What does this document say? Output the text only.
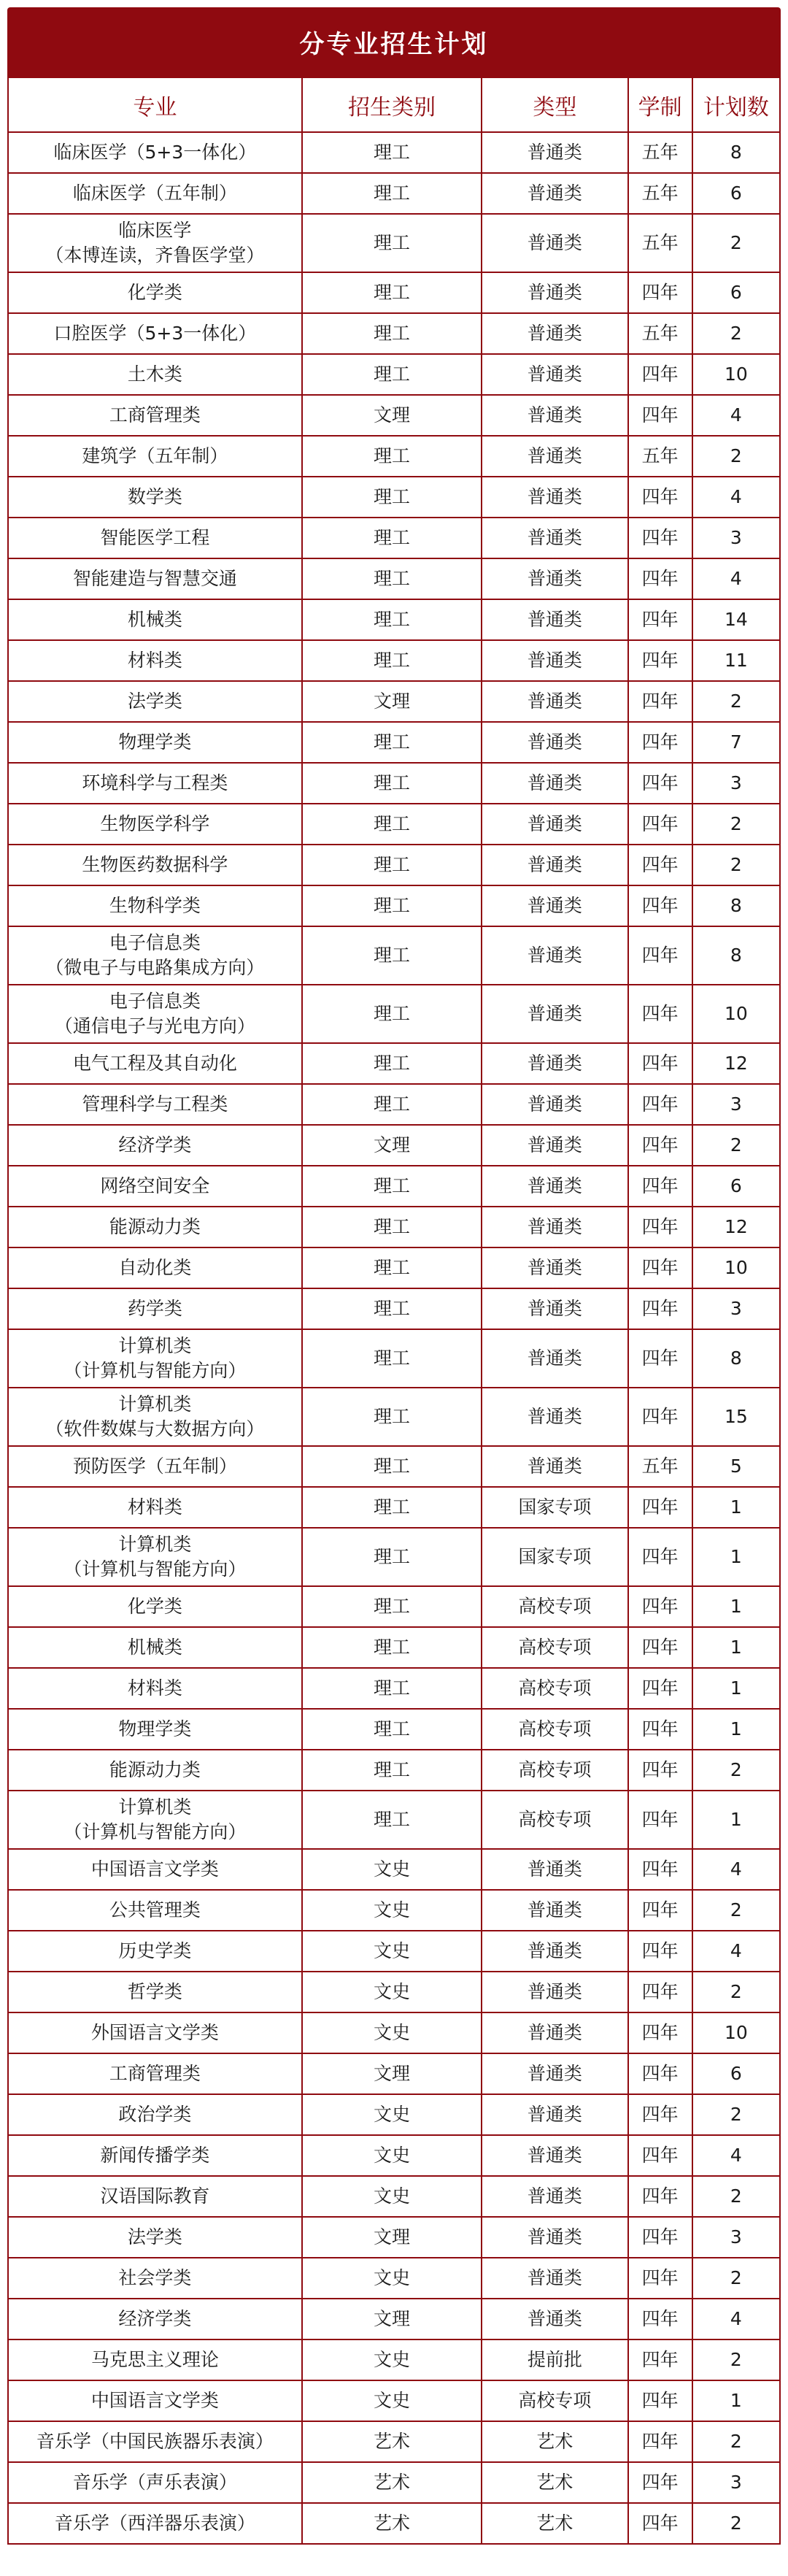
分专业招生计划
专业	招生类别	类型	学制	计划数
临床医学（5+3一体化）	理工	普通类	五年	8
临床医学（五年制）	理工	普通类	五年	6
临床医学
（本博连读，齐鲁医学堂）	理工	普通类	五年	2
化学类	理工	普通类	四年	6
口腔医学（5+3一体化）	理工	普通类	五年	2
土木类	理工	普通类	四年	10
工商管理类	文理	普通类	四年	4
建筑学（五年制）	理工	普通类	五年	2
数学类	理工	普通类	四年	4
智能医学工程	理工	普通类	四年	3
智能建造与智慧交通	理工	普通类	四年	4
机械类	理工	普通类	四年	14
材料类	理工	普通类	四年	11
法学类	文理	普通类	四年	2
物理学类	理工	普通类	四年	7
环境科学与工程类	理工	普通类	四年	3
生物医学科学	理工	普通类	四年	2
生物医药数据科学	理工	普通类	四年	2
生物科学类	理工	普通类	四年	8
电子信息类
（微电子与电路集成方向）	理工	普通类	四年	8
电子信息类
（通信电子与光电方向）	理工	普通类	四年	10
电气工程及其自动化	理工	普通类	四年	12
管理科学与工程类	理工	普通类	四年	3
经济学类	文理	普通类	四年	2
网络空间安全	理工	普通类	四年	6
能源动力类	理工	普通类	四年	12
自动化类	理工	普通类	四年	10
药学类	理工	普通类	四年	3
计算机类
（计算机与智能方向）	理工	普通类	四年	8
计算机类
（软件数媒与大数据方向）	理工	普通类	四年	15
预防医学（五年制）	理工	普通类	五年	5
材料类	理工	国家专项	四年	1
计算机类
（计算机与智能方向）	理工	国家专项	四年	1
化学类	理工	高校专项	四年	1
机械类	理工	高校专项	四年	1
材料类	理工	高校专项	四年	1
物理学类	理工	高校专项	四年	1
能源动力类	理工	高校专项	四年	2
计算机类
（计算机与智能方向）	理工	高校专项	四年	1
中国语言文学类	文史	普通类	四年	4
公共管理类	文史	普通类	四年	2
历史学类	文史	普通类	四年	4
哲学类	文史	普通类	四年	2
外国语言文学类	文史	普通类	四年	10
工商管理类	文理	普通类	四年	6
政治学类	文史	普通类	四年	2
新闻传播学类	文史	普通类	四年	4
汉语国际教育	文史	普通类	四年	2
法学类	文理	普通类	四年	3
社会学类	文史	普通类	四年	2
经济学类	文理	普通类	四年	4
马克思主义理论	文史	提前批	四年	2
中国语言文学类	文史	高校专项	四年	1
音乐学（中国民族器乐表演）	艺术	艺术	四年	2
音乐学（声乐表演）	艺术	艺术	四年	3
音乐学（西洋器乐表演）	艺术	艺术	四年	2
